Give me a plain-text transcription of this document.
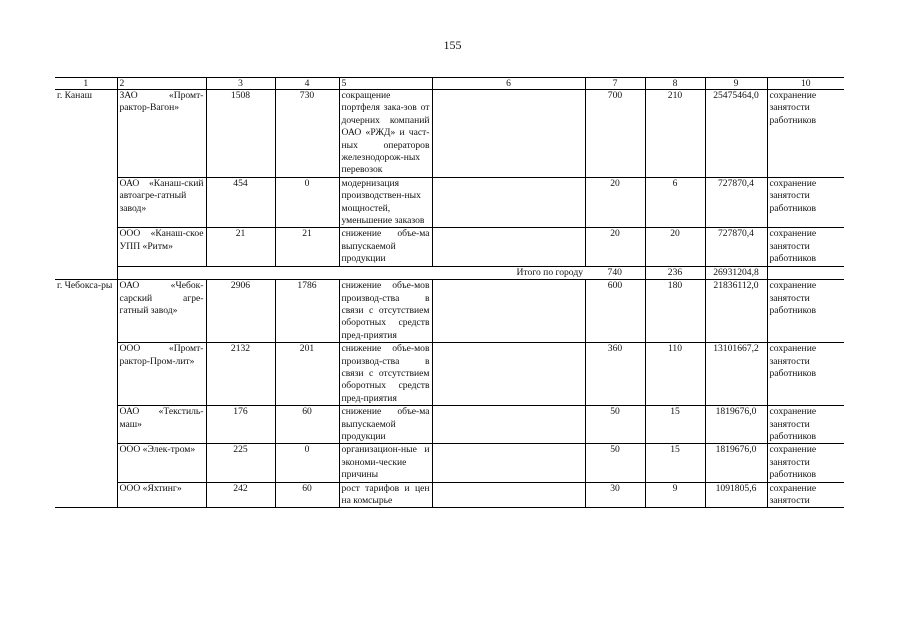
155
1	2	3	4	5	6	7	8	9	10
г. Канаш	ЗАО «Промт-рактор-Вагон»	1508	730	сокращение портфеля зака-зов от дочерних компаний ОАО «РЖД» и част-ных операторов железнодорож-ных перевозок		700	210	25475464,0	сохранение занятости работников
	ОАО «Канаш-ский автоагре-гатный завод»	454	0	модернизация производствен-ных мощностей, уменьшение заказов		20	6	727870,4	сохранение занятости работников
	ООО «Канаш-ское УПП «Ритм»	21	21	снижение объе-ма выпускаемой продукции		20	20	727870,4	сохранение занятости работников
	Итого по городу					740	236	26931204,8	
г. Чебокса-ры	ОАО «Чебок-сарский агре-гатный завод»	2906	1786	снижение объе-мов производ-ства в связи с отсутствием оборотных средств пред-приятия		600	180	21836112,0	сохранение занятости работников
	ООО «Промт-рактор-Пром-лит»	2132	201	снижение объе-мов производ-ства в связи с отсутствием оборотных средств пред-приятия		360	110	13101667,2	сохранение занятости работников
	ОАО «Текстиль-маш»	176	60	снижение объе-ма выпускаемой продукции		50	15	1819676,0	сохранение занятости работников
	ООО «Элек-тром»	225	0	организацион-ные и экономи-ческие причины		50	15	1819676,0	сохранение занятости работников
	ООО «Яхтинг»	242	60	рост тарифов и цен на комсырье		30	9	1091805,6	сохранение занятости
